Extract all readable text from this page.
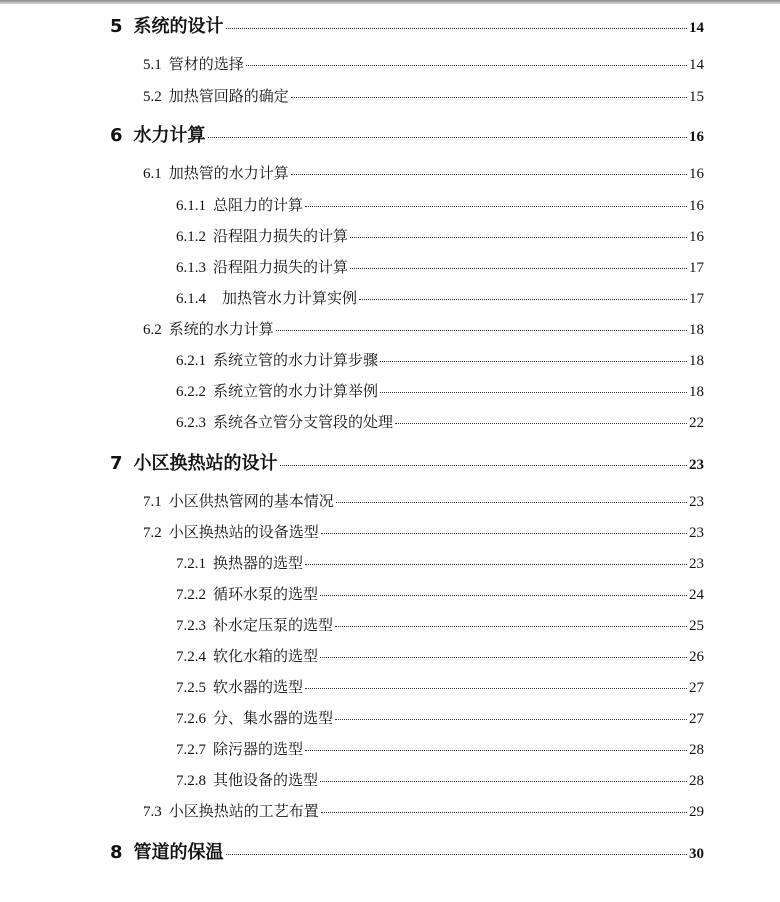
5 系统的设计	14
5.1 管材的选择	14
5.2 加热管回路的确定	15
6 水力计算	16
6.1 加热管的水力计算	16
6.1.1 总阻力的计算	16
6.1.2 沿程阻力损失的计算	16
6.1.3 沿程阻力损失的计算	17
6.1.4 加热管水力计算实例	17
6.2 系统的水力计算	18
6.2.1 系统立管的水力计算步骤	18
6.2.2 系统立管的水力计算举例	18
6.2.3 系统各立管分支管段的处理	22
7 小区换热站的设计	23
7.1 小区供热管网的基本情况	23
7.2 小区换热站的设备选型	23
7.2.1 换热器的选型	23
7.2.2 循环水泵的选型	24
7.2.3 补水定压泵的选型	25
7.2.4 软化水箱的选型	26
7.2.5 软水器的选型	27
7.2.6 分、集水器的选型	27
7.2.7 除污器的选型	28
7.2.8 其他设备的选型	28
7.3 小区换热站的工艺布置	29
8 管道的保温	30
